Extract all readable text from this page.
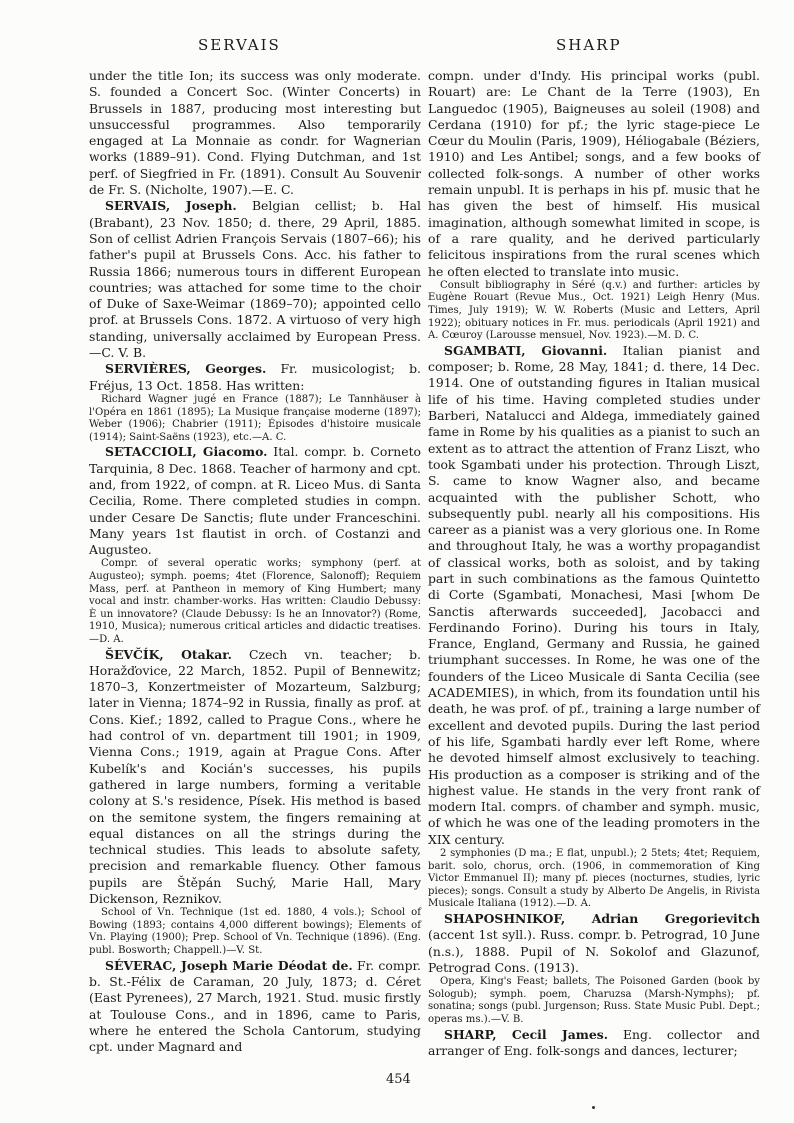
SERVAIS	SHARP

under the title Ion; its success was only moderate. S. founded a Concert Soc. (Winter Concerts) in Brussels in 1887, producing most interesting but unsuccessful programmes. Also temporarily engaged at La Monnaie as condr. for Wagnerian works (1889–91). Cond. Flying Dutchman, and 1st perf. of Siegfried in Fr. (1891). Consult Au Souvenir de Fr. S. (Nicholte, 1907).—E. C.

SERVAIS, Joseph. Belgian cellist; b. Hal (Brabant), 23 Nov. 1850; d. there, 29 April, 1885. Son of cellist Adrien François Servais (1807–66); his father's pupil at Brussels Cons. Acc. his father to Russia 1866; numerous tours in different European countries; was attached for some time to the choir of Duke of Saxe-Weimar (1869–70); appointed cello prof. at Brussels Cons. 1872. A virtuoso of very high standing, universally acclaimed by European Press.—C. V. B.

SERVIÈRES, Georges. Fr. musicologist; b. Fréjus, 13 Oct. 1858. Has written:

Richard Wagner jugé en France (1887); Le Tannhäuser à l'Opéra en 1861 (1895); La Musique française moderne (1897); Weber (1906); Chabrier (1911); Épisodes d'histoire musicale (1914); Saint-Saëns (1923), etc.—A. C.

SETACCIOLI, Giacomo. Ital. compr. b. Corneto Tarquinia, 8 Dec. 1868. Teacher of harmony and cpt. and, from 1922, of compn. at R. Liceo Mus. di Santa Cecilia, Rome. There completed studies in compn. under Cesare De Sanctis; flute under Franceschini. Many years 1st flautist in orch. of Costanzi and Augusteo.

Compr. of several operatic works; symphony (perf. at Augusteo); symph. poems; 4tet (Florence, Salonoff); Requiem Mass, perf. at Pantheon in memory of King Humbert; many vocal and instr. chamber-works. Has written: Claudio Debussy: È un innovatore? (Claude Debussy: Is he an Innovator?) (Rome, 1910, Musica); numerous critical articles and didactic treatises.—D. A.

ŠEVČÍK, Otakar. Czech vn. teacher; b. Horažďovice, 22 March, 1852. Pupil of Bennewitz; 1870–3, Konzertmeister of Mozarteum, Salzburg; later in Vienna; 1874–92 in Russia, finally as prof. at Cons. Kief.; 1892, called to Prague Cons., where he had control of vn. department till 1901; in 1909, Vienna Cons.; 1919, again at Prague Cons. After Kubelík's and Kocián's successes, his pupils gathered in large numbers, forming a veritable colony at S.'s residence, Písek. His method is based on the semitone system, the fingers remaining at equal distances on all the strings during the technical studies. This leads to absolute safety, precision and remarkable fluency. Other famous pupils are Štěpán Suchý, Marie Hall, Mary Dickenson, Reznikov.

School of Vn. Technique (1st ed. 1880, 4 vols.); School of Bowing (1893; contains 4,000 different bowings); Elements of Vn. Playing (1900); Prep. School of Vn. Technique (1896). (Eng. publ. Bosworth; Chappell.)—V. St.

SÉVERAC, Joseph Marie Déodat de. Fr. compr. b. St.-Félix de Caraman, 20 July, 1873; d. Céret (East Pyrenees), 27 March, 1921. Stud. music firstly at Toulouse Cons., and in 1896, came to Paris, where he entered the Schola Cantorum, studying cpt. under Magnard and

compn. under d'Indy. His principal works (publ. Rouart) are: Le Chant de la Terre (1903), En Languedoc (1905), Baigneuses au soleil (1908) and Cerdana (1910) for pf.; the lyric stage-piece Le Cœur du Moulin (Paris, 1909), Héliogabale (Béziers, 1910) and Les Antibel; songs, and a few books of collected folk-songs. A number of other works remain unpubl. It is perhaps in his pf. music that he has given the best of himself. His musical imagination, although somewhat limited in scope, is of a rare quality, and he derived particularly felicitous inspirations from the rural scenes which he often elected to translate into music.

Consult bibliography in Séré (q.v.) and further: articles by Eugène Rouart (Revue Mus., Oct. 1921) Leigh Henry (Mus. Times, July 1919); W. W. Roberts (Music and Letters, April 1922); obituary notices in Fr. mus. periodicals (April 1921) and A. Cœuroy (Larousse mensuel, Nov. 1923).—M. D. C.

SGAMBATI, Giovanni. Italian pianist and composer; b. Rome, 28 May, 1841; d. there, 14 Dec. 1914. One of outstanding figures in Italian musical life of his time. Having completed studies under Barberi, Natalucci and Aldega, immediately gained fame in Rome by his qualities as a pianist to such an extent as to attract the attention of Franz Liszt, who took Sgambati under his protection. Through Liszt, S. came to know Wagner also, and became acquainted with the publisher Schott, who subsequently publ. nearly all his compositions. His career as a pianist was a very glorious one. In Rome and throughout Italy, he was a worthy propagandist of classical works, both as soloist, and by taking part in such combinations as the famous Quintetto di Corte (Sgambati, Monachesi, Masi [whom De Sanctis afterwards succeeded], Jacobacci and Ferdinando Forino). During his tours in Italy, France, England, Germany and Russia, he gained triumphant successes. In Rome, he was one of the founders of the Liceo Musicale di Santa Cecilia (see ACADEMIES), in which, from its foundation until his death, he was prof. of pf., training a large number of excellent and devoted pupils. During the last period of his life, Sgambati hardly ever left Rome, where he devoted himself almost exclusively to teaching. His production as a composer is striking and of the highest value. He stands in the very front rank of modern Ital. comprs. of chamber and symph. music, of which he was one of the leading promoters in the XIX century.

2 symphonies (D ma.; E flat, unpubl.); 2 5tets; 4tet; Requiem, barit. solo, chorus, orch. (1906, in commemoration of King Victor Emmanuel II); many pf. pieces (nocturnes, studies, lyric pieces); songs. Consult a study by Alberto De Angelis, in Rivista Musicale Italiana (1912).—D. A.

SHAPOSHNIKOF, Adrian Gregorievitch (accent 1st syll.). Russ. compr. b. Petrograd, 10 June (n.s.), 1888. Pupil of N. Sokolof and Glazunof, Petrograd Cons. (1913).

Opera, King's Feast; ballets, The Poisoned Garden (book by Sologub); symph. poem, Charuzsa (Marsh-Nymphs); pf. sonatina; songs (publ. Jurgenson; Russ. State Music Publ. Dept.; operas ms.).—V. B.

SHARP, Cecil James. Eng. collector and arranger of Eng. folk-songs and dances, lecturer;

454
